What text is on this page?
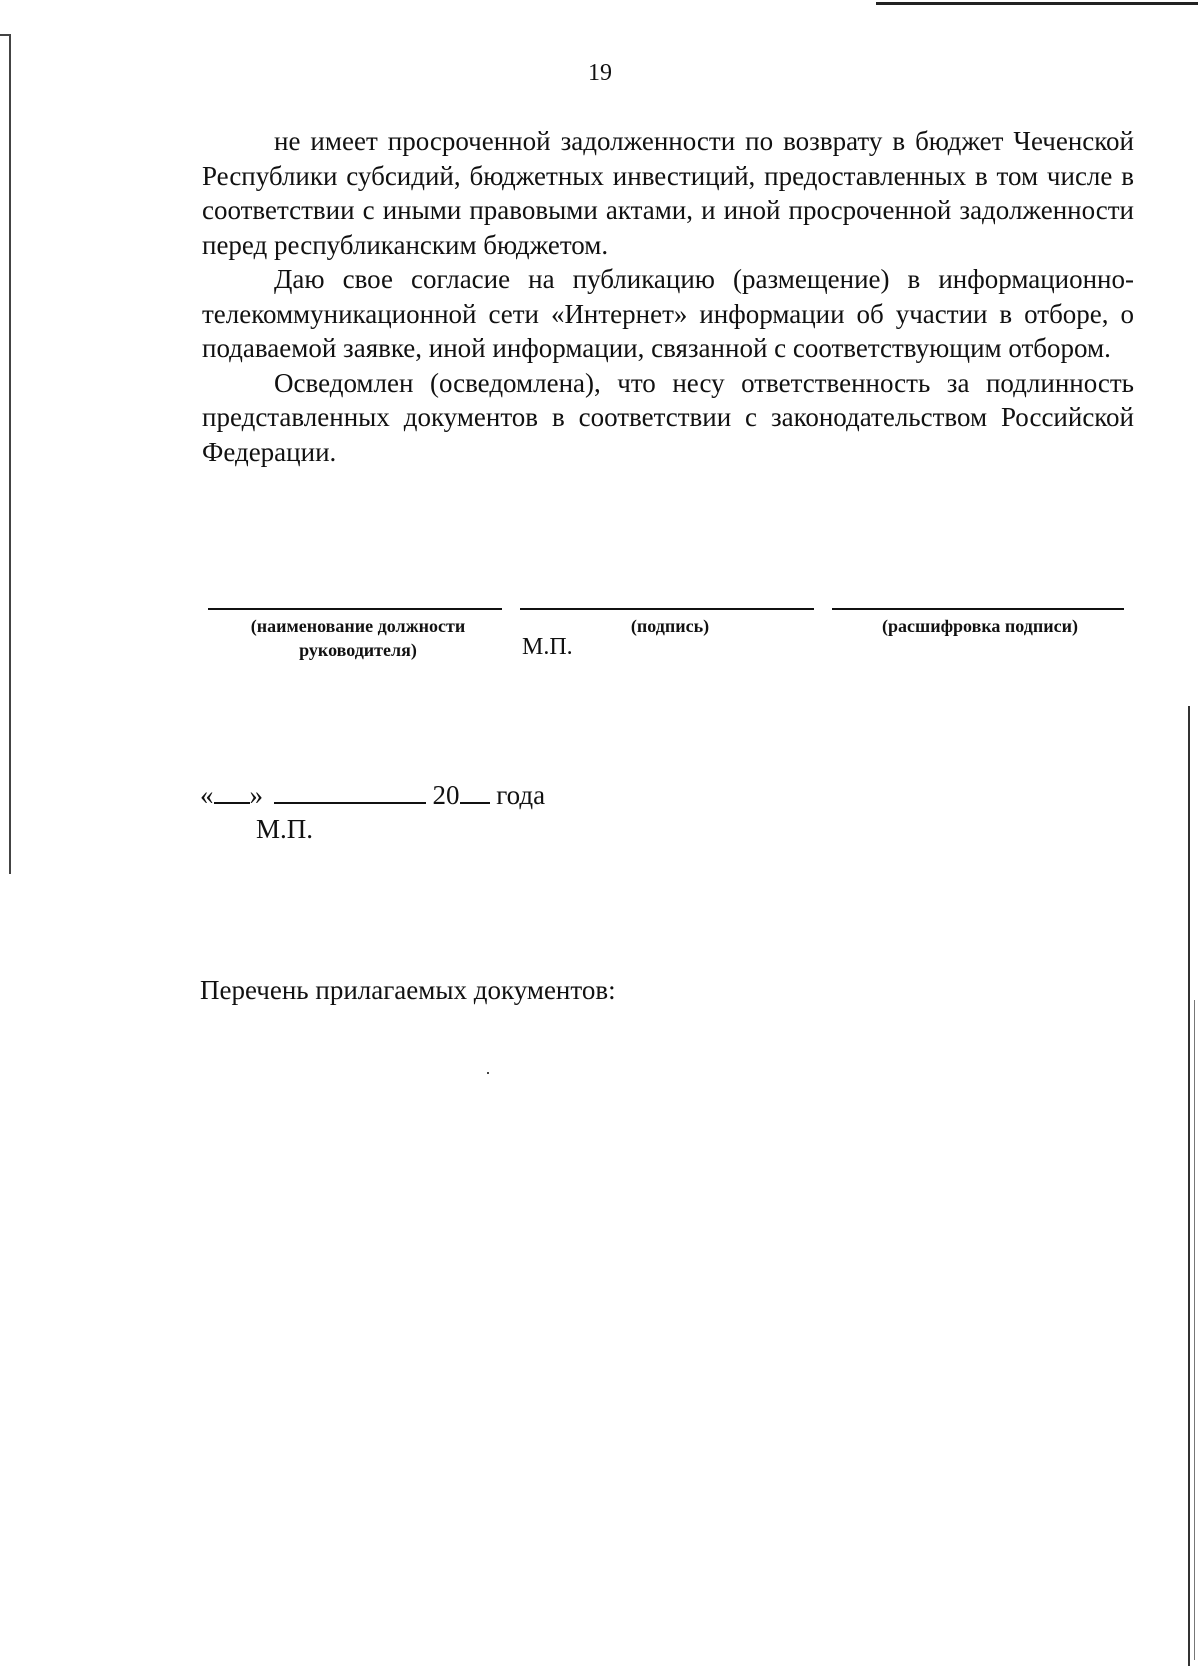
19

не имеет просроченной задолженности по возврату в бюджет Чеченской Республики субсидий, бюджетных инвестиций, предоставленных в том числе в соответствии с иными правовыми актами, и иной просроченной задолженности перед республиканским бюджетом.

Даю свое согласие на публикацию (размещение) в информационно-телекоммуникационной сети «Интернет» информации об участии в отборе, о подаваемой заявке, иной информации, связанной с соответствующим отбором.

Осведомлен (осведомлена), что несу ответственность за подлинность представленных документов в соответствии с законодательством Российской Федерации.

(наименование должности руководителя)
(подпись)	(расшифровка подписи)
М.П.
« »	20 года
М.П.
Перечень прилагаемых документов:
